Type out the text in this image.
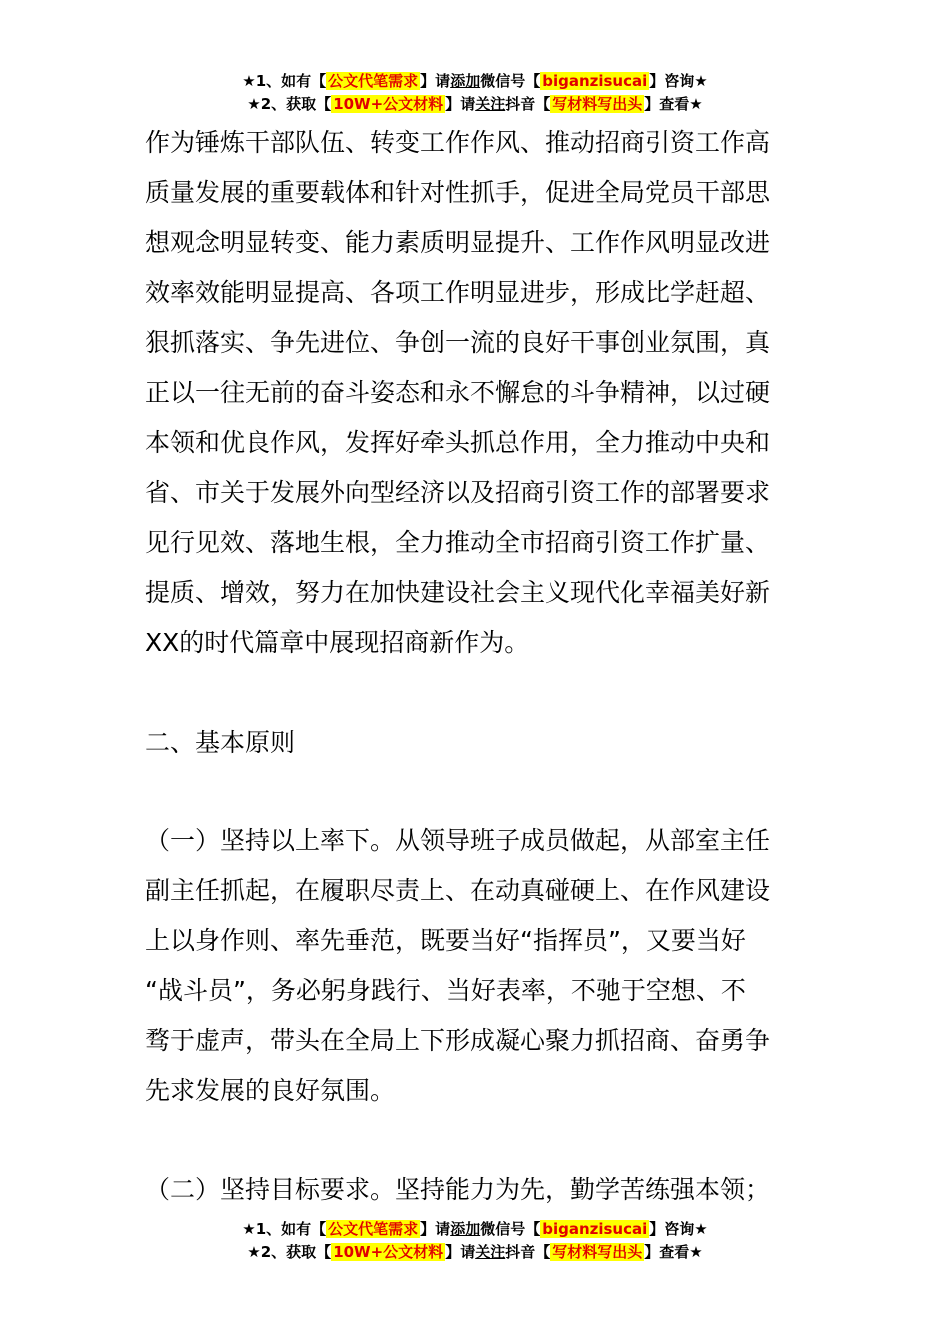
★1、如有【 公文代笔需求 】请添加微信号【 biganzisucai 】咨询★
★2、获取【 10W+公文材料 】请关注抖音【 写材料写出头 】查看★
作为锤炼干部队伍、转变工作作风、推动招商引资工作高
质量发展的重要载体和针对性抓手，促进全局党员干部思
想观念明显转变、能力素质明显提升、工作作风明显改进
效率效能明显提高、各项工作明显进步，形成比学赶超、
狠抓落实、争先进位、争创一流的良好干事创业氛围，真
正以一往无前的奋斗姿态和永不懈怠的斗争精神，以过硬
本领和优良作风，发挥好牵头抓总作用，全力推动中央和
省、市关于发展外向型经济以及招商引资工作的部署要求
见行见效、落地生根，全力推动全市招商引资工作扩量、
提质、增效，努力在加快建设社会主义现代化幸福美好新
XX的时代篇章中展现招商新作为。
二、基本原则
（一）坚持以上率下。从领导班子成员做起，从部室主任
副主任抓起，在履职尽责上、在动真碰硬上、在作风建设
上以身作则、率先垂范，既要当好“指挥员”，又要当好
“战斗员”，务必躬身践行、当好表率，不驰于空想、不
骛于虚声，带头在全局上下形成凝心聚力抓招商、奋勇争
先求发展的良好氛围。
（二）坚持目标要求。坚持能力为先，勤学苦练强本领；
★1、如有【 公文代笔需求 】请添加微信号【 biganzisucai 】咨询★
★2、获取【 10W+公文材料 】请关注抖音【 写材料写出头 】查看★
